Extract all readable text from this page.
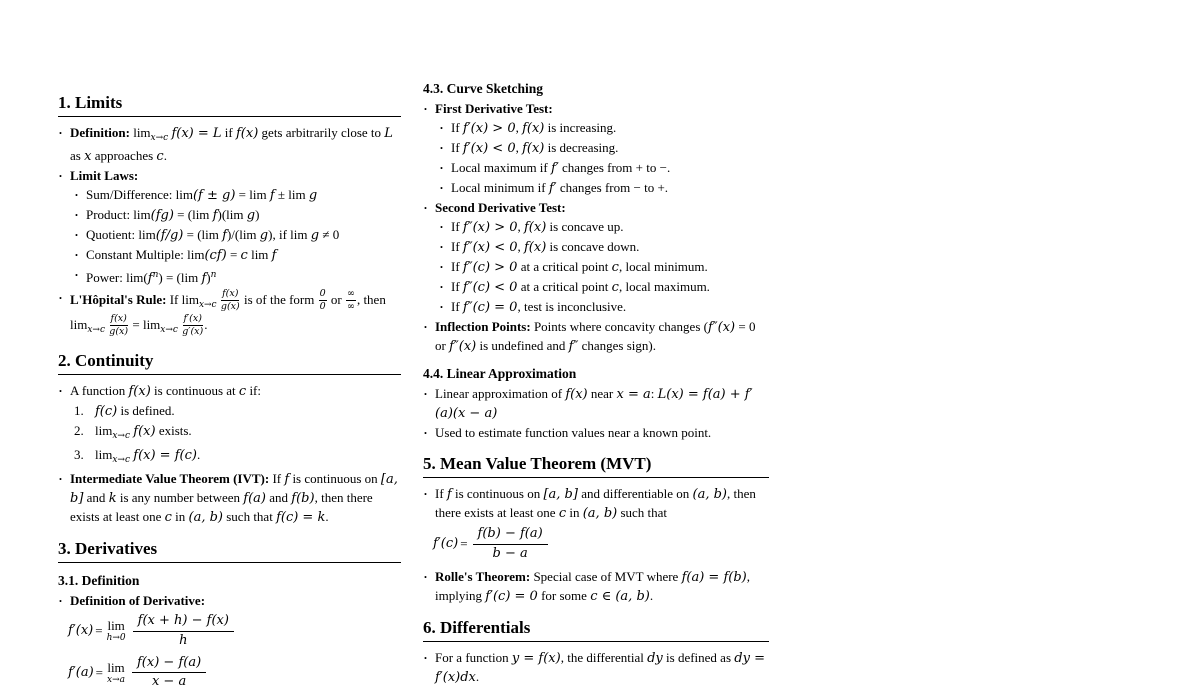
1. Limits
• Definition: $\lim_{x\to c} f(x) = L$ if f(x) gets arbitrarily close to L as x approaches c.
• Limit Laws:
• Sum/Difference: lim(f ± g) = lim f ± lim g
• Product: lim(fg) = (lim f)(lim g)
• Quotient: lim(f/g) = (lim f)/(lim g), if lim g ≠ 0
• Constant Multiple: lim(cf) = c lim f
• Power: $\lim(f^n) = (\lim$ f)$^n$
• L'Hôpital's Rule: If $\lim_{x\to c} \frac{f(x)}{g(x)}$ is of the form $\frac{0}{0}$ or ∞
∞ , then $\lim_{x\to c} \frac{f(x)}{g(x)} = \lim_{x\to c} \frac{f'(x)}{g'(x)}$ .
2. Continuity
• A function f(x) is continuous at c if:
1. f(c) is defined.
2. $\lim_{x\to c} f(x)$ exists.
3. $\lim_{x\to c} f(x) = f(c)$.
• Intermediate Value Theorem (IVT): If f is continuous on [a, b] and k is any number between f(a) and f(b), then there exists at least one c in (a, b) such that f(c) = k.
3. Derivatives
3.1. Definition
• Definition of Derivative:
f′(x) = lim
$h\to 0 \frac{f(x + h) - f(x)}{h}$
f′(a) = lim
$x\to a \frac{f(x) - f(a)}{x - a}$
4.3. Curve Sketching
• First Derivative Test:
• If f′(x) > 0, f(x) is increasing.
• If f′(x) < 0, f(x) is decreasing.
• Local maximum if f′ changes from + to −.
• Local minimum if f′ changes from − to +.
• Second Derivative Test:
• If f″(x) > 0, f(x) is concave up.
• If f″(x) < 0, f(x) is concave down.
• If f″(c) > 0 at a critical point c, local minimum.
• If f″(c) < 0 at a critical point c, local maximum.
• If f″(c) = 0, test is inconclusive.
• Inflection Points: Points where concavity changes (f″(x) = 0 or f″(x) is undefined and f″ changes sign).
4.4. Linear Approximation
• Linear approximation of f(x) near x = a: L(x) = f(a) + f′(a)(x − a)
• Used to estimate function values near a known point.
5. Mean Value Theorem (MVT)
• If f is continuous on [a, b] and differentiable on (a, b), then there exists at least one c in (a, b) such that
$f'(c) = \frac{f(b) - f(a)}{b - a}$
• Rolle's Theorem: Special case of MVT where f(a) = f(b), implying f′(c) = 0 for some c ∈ (a, b).
6. Differentials
• For a function y = f(x), the differential dy is defined as dy = f′(x)dx.
